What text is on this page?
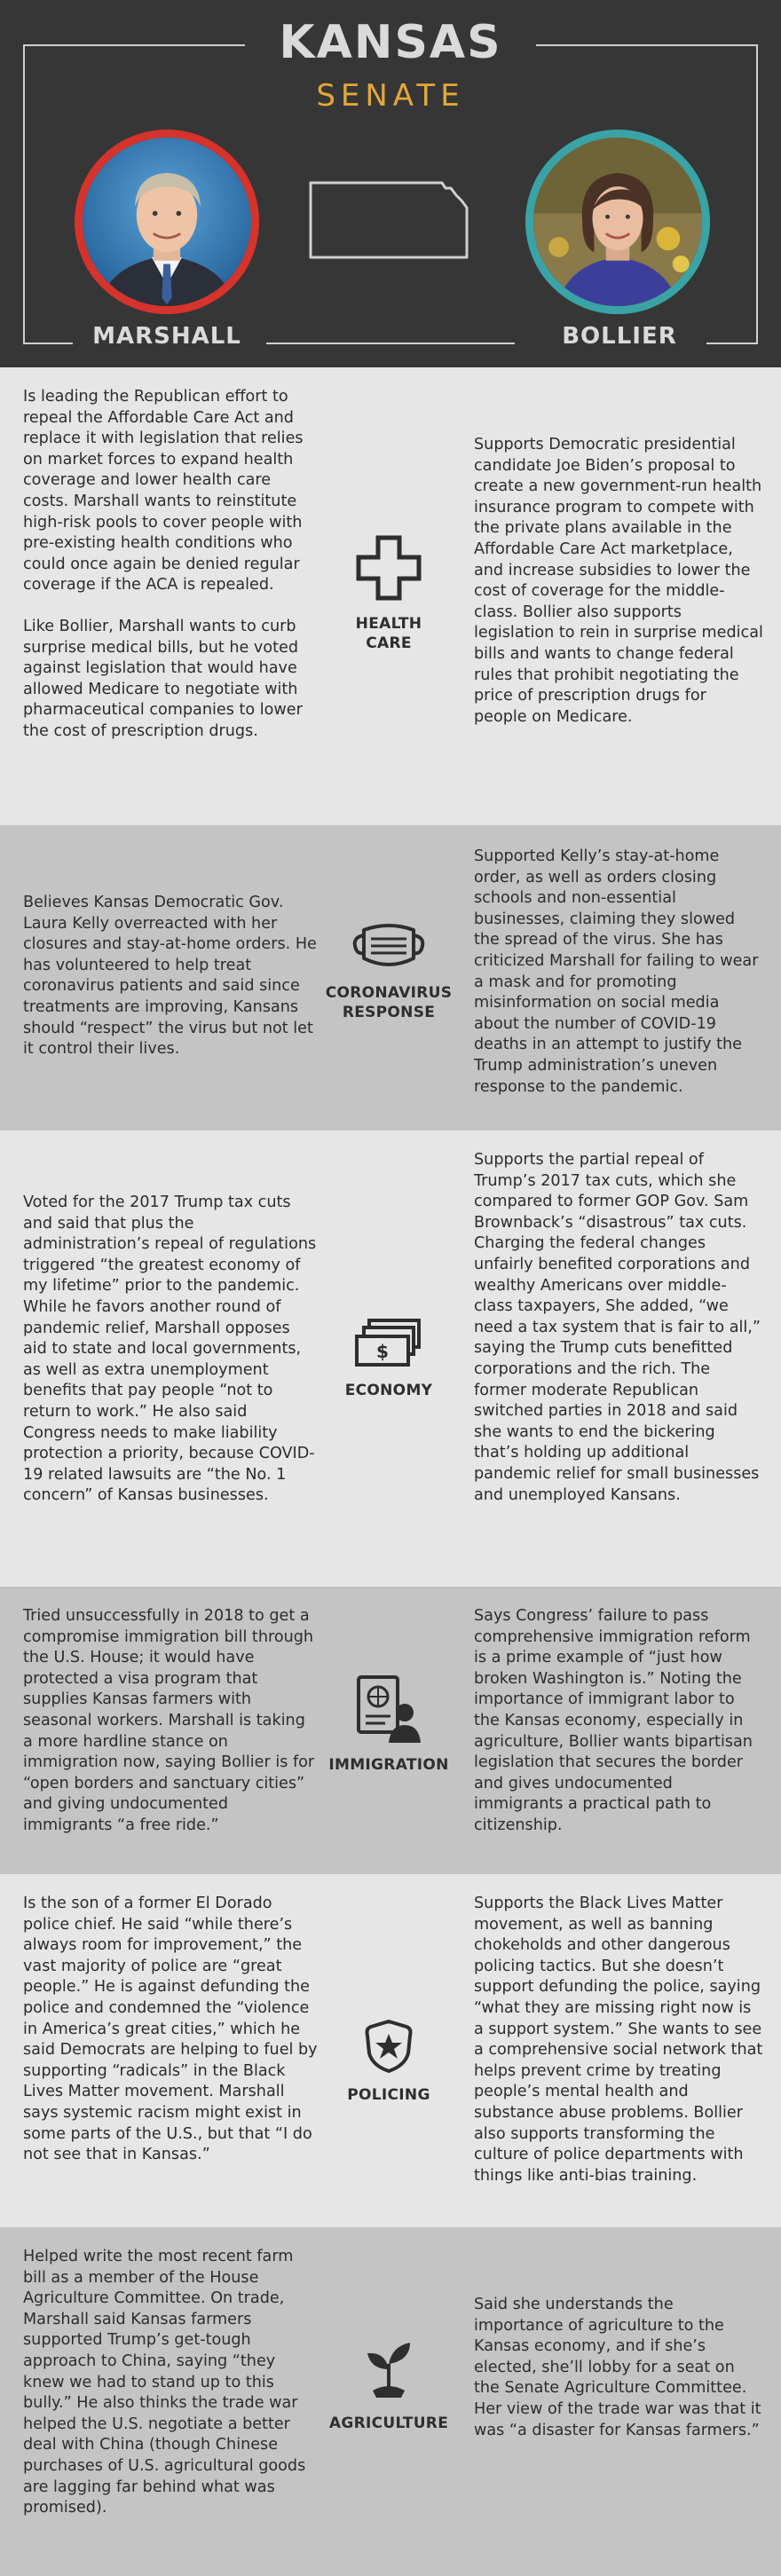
KANSAS
SENATE
MARSHALL	BOLLIER

Is leading the Republican effort to repeal the Affordable Care Act and replace it with legislation that relies on market forces to expand health coverage and lower health care costs. Marshall wants to reinstitute high-risk pools to cover people with pre-existing health conditions who could once again be denied regular coverage if the ACA is repealed.

Like Bollier, Marshall wants to curb surprise medical bills, but he voted against legislation that would have allowed Medicare to negotiate with pharmaceutical companies to lower the cost of prescription drugs.

HEALTH
CARE

Supports Democratic presidential candidate Joe Biden’s proposal to create a new government-run health insurance program to compete with the private plans available in the Affordable Care Act marketplace, and increase subsidies to lower the cost of coverage for the middle-class. Bollier also supports legislation to rein in surprise medical bills and wants to change federal rules that prohibit negotiating the price of prescription drugs for people on Medicare.

Believes Kansas Democratic Gov. Laura Kelly overreacted with her closures and stay-at-home orders. He has volunteered to help treat coronavirus patients and said since treatments are improving, Kansans should “respect” the virus but not let it control their lives.

CORONAVIRUS
RESPONSE

Supported Kelly’s stay-at-home order, as well as orders closing schools and non-essential businesses, claiming they slowed the spread of the virus. She has criticized Marshall for failing to wear a mask and for promoting misinformation on social media about the number of COVID-19 deaths in an attempt to justify the Trump administration’s uneven response to the pandemic.

Voted for the 2017 Trump tax cuts and said that plus the administration’s repeal of regulations triggered “the greatest economy of my lifetime” prior to the pandemic. While he favors another round of pandemic relief, Marshall opposes aid to state and local governments, as well as extra unemployment benefits that pay people “not to return to work.” He also said Congress needs to make liability protection a priority, because COVID-19 related lawsuits are “the No. 1 concern” of Kansas businesses.

$
ECONOMY

Supports the partial repeal of Trump’s 2017 tax cuts, which she compared to former GOP Gov. Sam Brownback’s “disastrous” tax cuts. Charging the federal changes unfairly benefited corporations and wealthy Americans over middle-class taxpayers, She added, “we need a tax system that is fair to all,” saying the Trump cuts benefitted corporations and the rich. The former moderate Republican switched parties in 2018 and said she wants to end the bickering that’s holding up additional pandemic relief for small businesses and unemployed Kansans.

Tried unsuccessfully in 2018 to get a compromise immigration bill through the U.S. House; it would have protected a visa program that supplies Kansas farmers with seasonal workers. Marshall is taking a more hardline stance on immigration now, saying Bollier is for “open borders and sanctuary cities” and giving undocumented immigrants “a free ride.”

IMMIGRATION

Says Congress’ failure to pass comprehensive immigration reform is a prime example of “just how broken Washington is.” Noting the importance of immigrant labor to the Kansas economy, especially in agriculture, Bollier wants bipartisan legislation that secures the border and gives undocumented immigrants a practical path to citizenship.

Is the son of a former El Dorado police chief. He said “while there’s always room for improvement,” the vast majority of police are “great people.” He is against defunding the police and condemned the “violence in America’s great cities,” which he said Democrats are helping to fuel by supporting “radicals” in the Black Lives Matter movement. Marshall says systemic racism might exist in some parts of the U.S., but that “I do not see that in Kansas.”

POLICING

Supports the Black Lives Matter movement, as well as banning chokeholds and other dangerous policing tactics. But she doesn’t support defunding the police, saying “what they are missing right now is a support system.” She wants to see a comprehensive social network that helps prevent crime by treating people’s mental health and substance abuse problems. Bollier also supports transforming the culture of police departments with things like anti-bias training.

Helped write the most recent farm bill as a member of the House Agriculture Committee. On trade, Marshall said Kansas farmers supported Trump’s get-tough approach to China, saying “they knew we had to stand up to this bully.” He also thinks the trade war helped the U.S. negotiate a better deal with China (though Chinese purchases of U.S. agricultural goods are lagging far behind what was promised).

AGRICULTURE

Said she understands the importance of agriculture to the Kansas economy, and if she’s elected, she’ll lobby for a seat on the Senate Agriculture Committee. Her view of the trade war was that it was “a disaster for Kansas farmers.”
